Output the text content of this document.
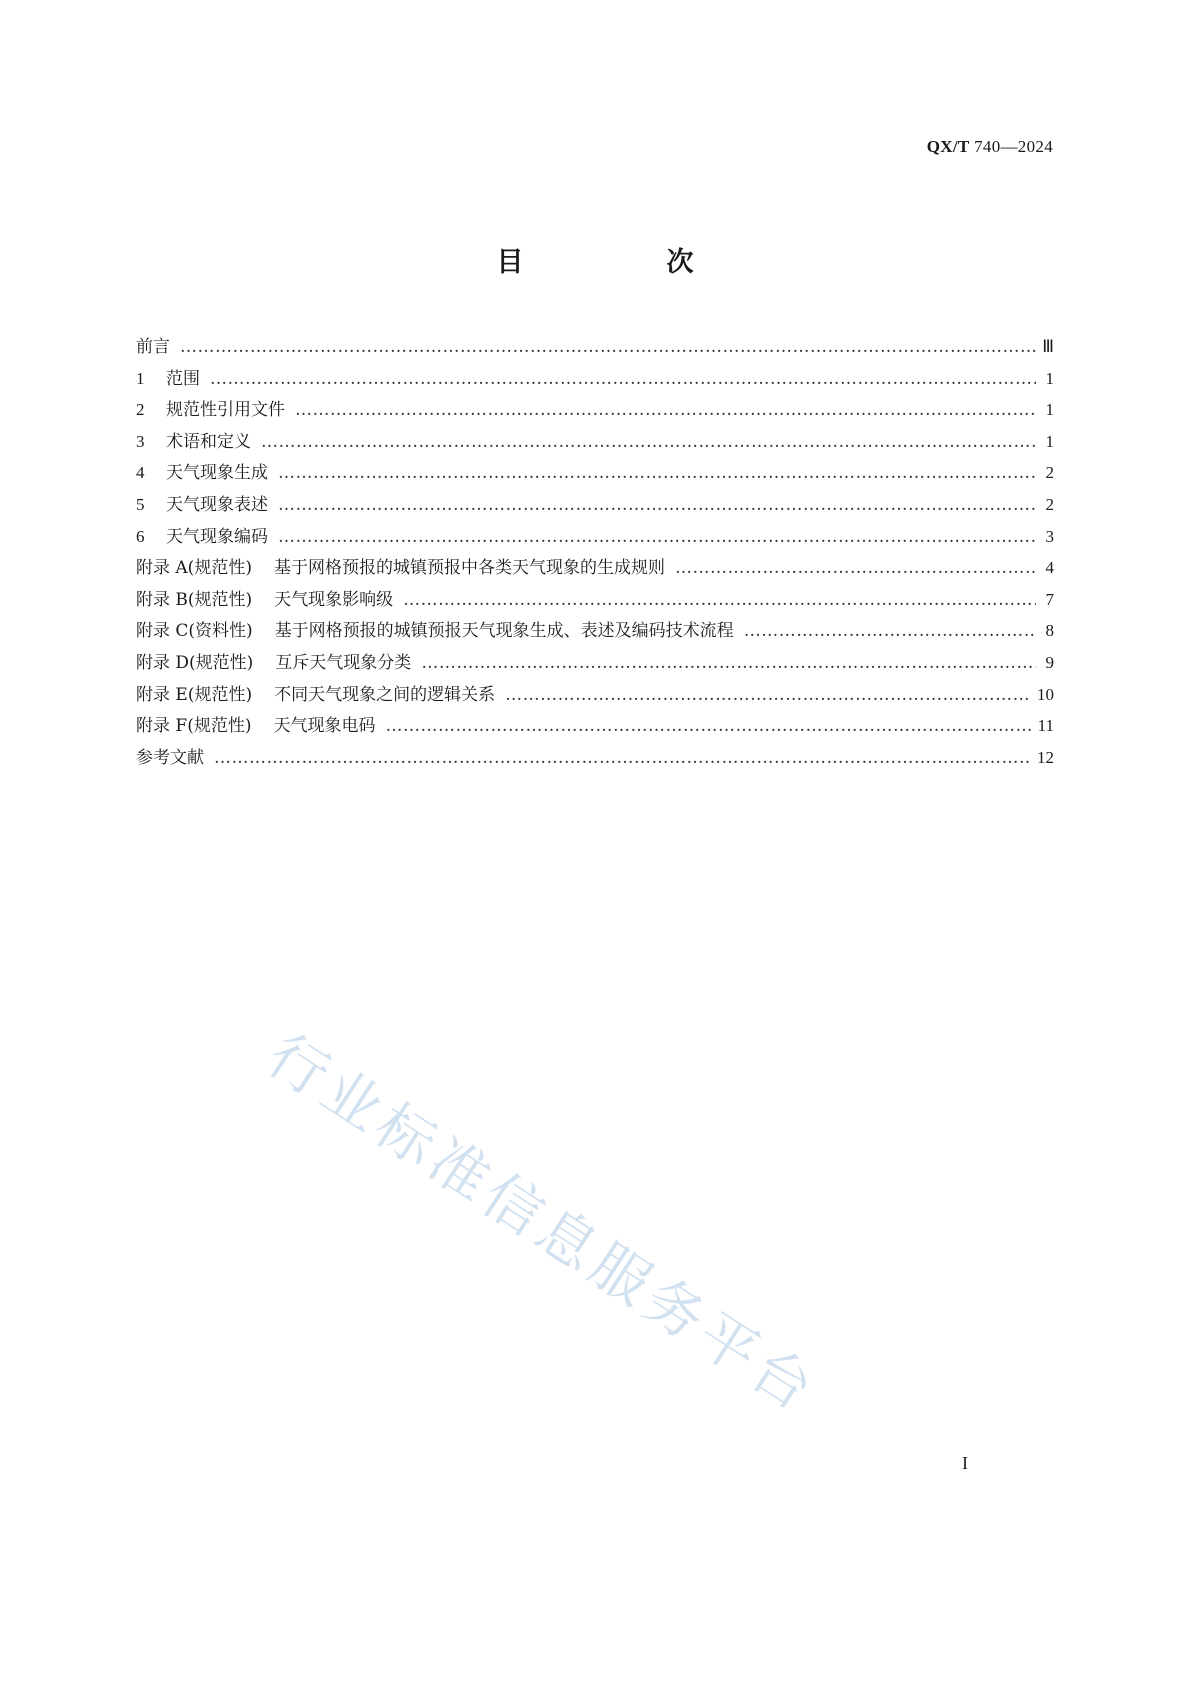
QX/T 740—2024
目　次
前言 …………………………………………………………………………………………………………………………………………………………………………………………………………	Ⅲ
1	范围 …………………………………………………………………………………………………………………………………………………………………………………………………………	1
2	规范性引用文件 …………………………………………………………………………………………………………………………………………………………………………………………………………	1
3	术语和定义 …………………………………………………………………………………………………………………………………………………………………………………………………………	1
4	天气现象生成 …………………………………………………………………………………………………………………………………………………………………………………………………………	2
5	天气现象表述 …………………………………………………………………………………………………………………………………………………………………………………………………………	2
6	天气现象编码 …………………………………………………………………………………………………………………………………………………………………………………………………………	3
附录 A(规范性) 基于网格预报的城镇预报中各类天气现象的生成规则 …………………………………………………………………………………………………………………………………………………………………………………………………………	4
附录 B(规范性) 天气现象影响级 …………………………………………………………………………………………………………………………………………………………………………………………………………	7
附录 C(资料性) 基于网格预报的城镇预报天气现象生成、表述及编码技术流程 …………………………………………………………………………………………………………………………………………………………………………………………………………	8
附录 D(规范性) 互斥天气现象分类 …………………………………………………………………………………………………………………………………………………………………………………………………………	9
附录 E(规范性) 不同天气现象之间的逻辑关系 …………………………………………………………………………………………………………………………………………………………………………………………………………	10
附录 F(规范性) 天气现象电码 …………………………………………………………………………………………………………………………………………………………………………………………………………	11
参考文献 …………………………………………………………………………………………………………………………………………………………………………………………………………	12
行业标准信息服务平台
I
